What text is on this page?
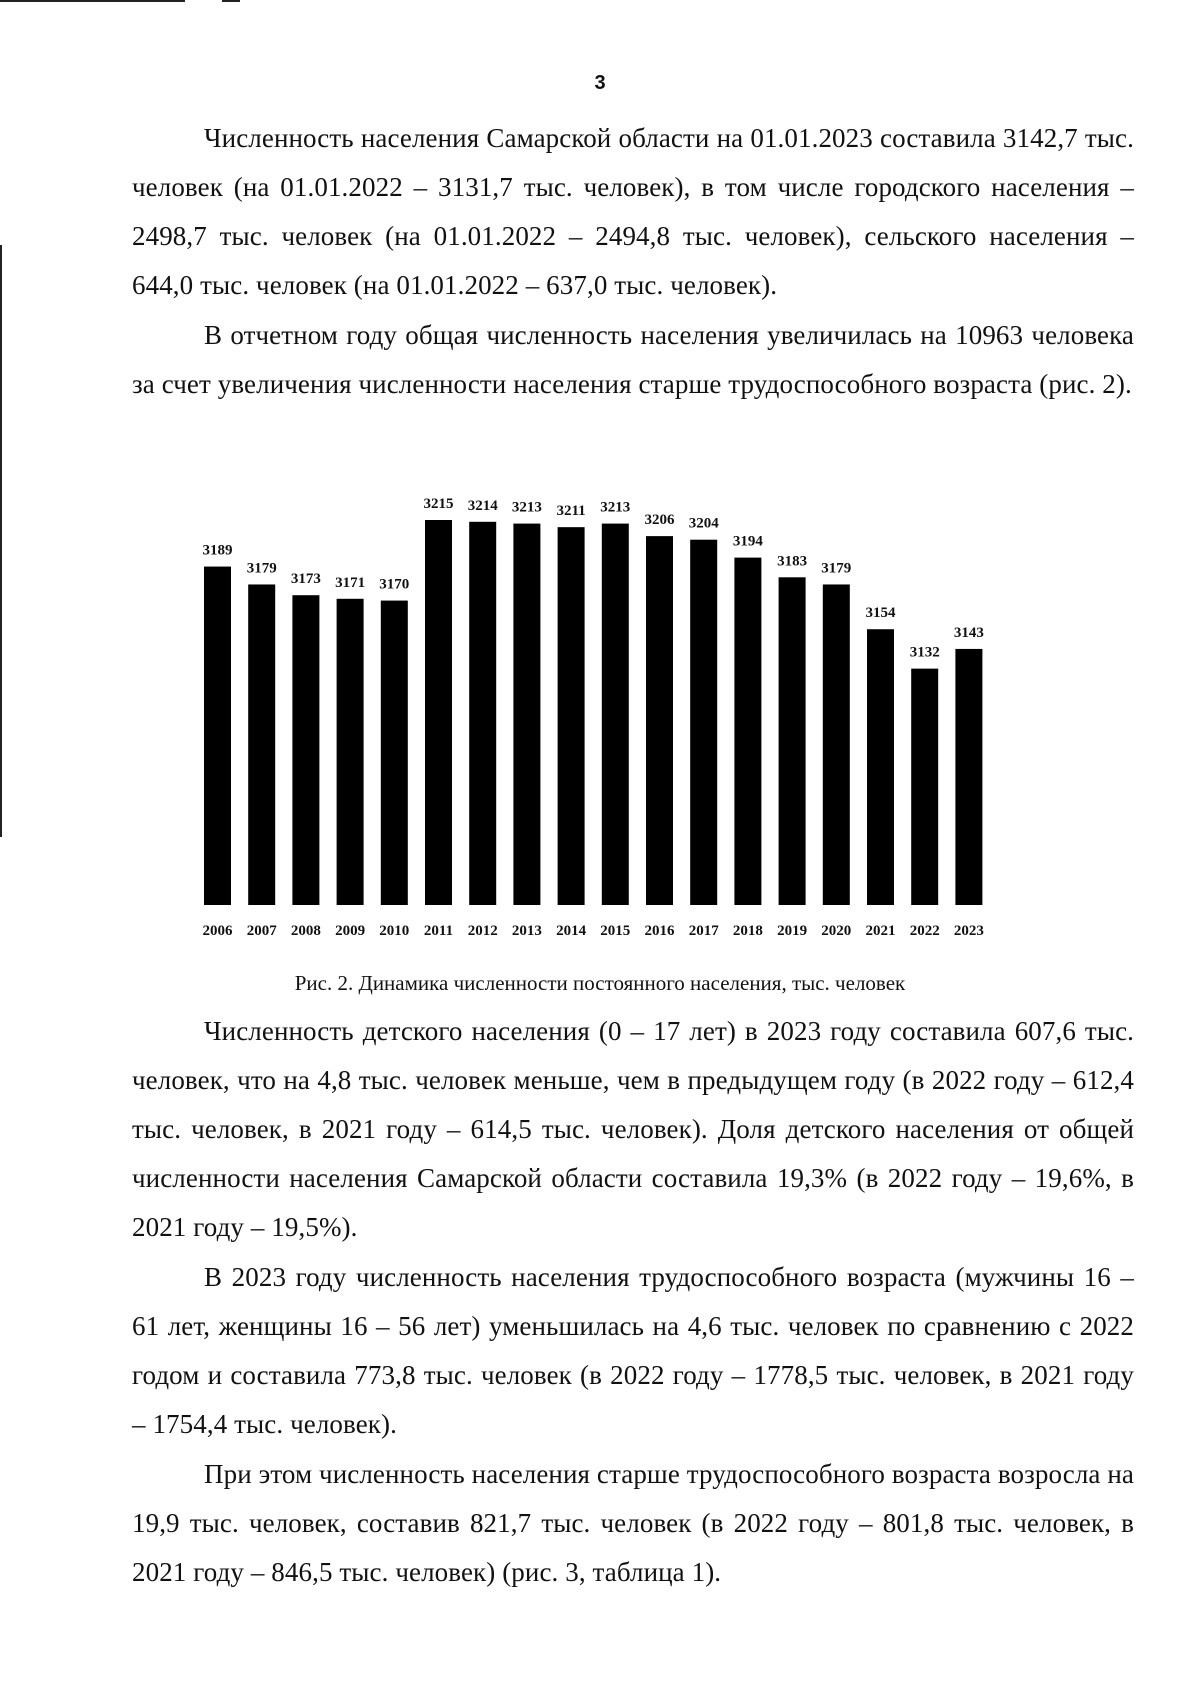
3

Численность населения Самарской области на 01.01.2023 составила 3142,7 тыс. человек (на 01.01.2022 – 3131,7 тыс. человек), в том числе городского населения – 2498,7 тыс. человек (на 01.01.2022 – 2494,8 тыс. человек), сельского населения – 644,0 тыс. человек (на 01.01.2022 – 637,0 тыс. человек).

В отчетном году общая численность населения увеличилась на 10963 человека за счет увеличения численности населения старше трудоспособного возраста (рис. 2).

3189
2006
3179
2007
3173
2008
3171
2009
3170
2010
3215
2011
3214
2012
3213
2013
3211
2014
3213
2015
3206
2016
3204
2017
3194
2018
3183
2019
3179
2020
3154
2021
3132
2022
3143
2023
Рис. 2. Динамика численности постоянного населения, тыс. человек

Численность детского населения (0 – 17 лет) в 2023 году составила 607,6 тыс. человек, что на 4,8 тыс. человек меньше, чем в предыдущем году (в 2022 году – 612,4 тыс. человек, в 2021 году – 614,5 тыс. человек). Доля детского населения от общей численности населения Самарской области составила 19,3% (в 2022 году – 19,6%, в 2021 году – 19,5%).

В 2023 году численность населения трудоспособного возраста (мужчины 16 – 61 лет, женщины 16 – 56 лет) уменьшилась на 4,6 тыс. человек по сравнению с 2022 годом и составила 773,8 тыс. человек (в 2022 году – 1778,5 тыс. человек, в 2021 году – 1754,4 тыс. человек).

При этом численность населения старше трудоспособного возраста возросла на 19,9 тыс. человек, составив 821,7 тыс. человек (в 2022 году – 801,8 тыс. человек, в 2021 году – 846,5 тыс. человек) (рис. 3, таблица 1).
